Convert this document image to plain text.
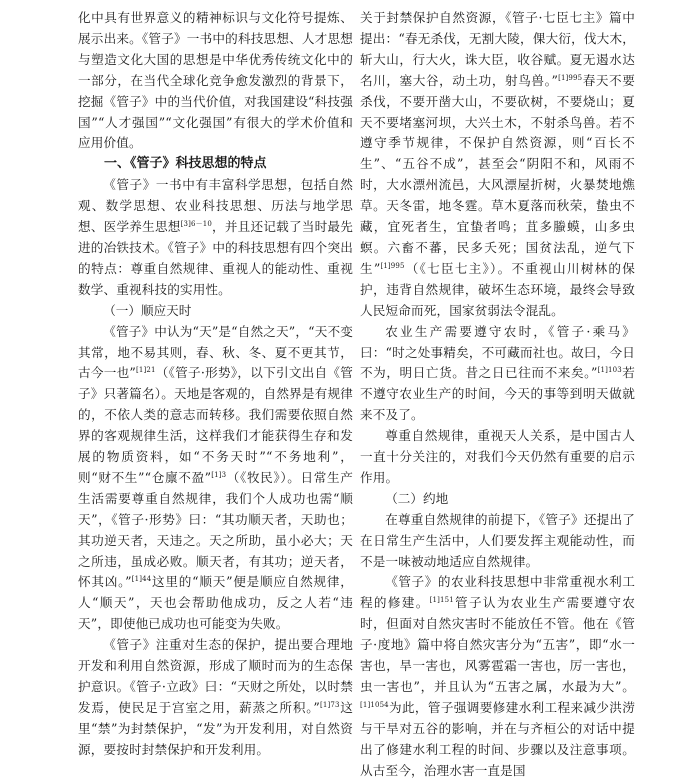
化中具有世界意义的精神标识与文化符号提炼、展示出来。《管子》一书中的科技思想、人才思想与塑造文化大国的思想是中华优秀传统文化中的一部分，在当代全球化竞争愈发激烈的背景下，挖掘《管子》中的当代价值，对我国建设“科技强国”“人才强国”“文化强国”有很大的学术价值和应用价值。

一、《管子》科技思想的特点

《管子》一书中有丰富科学思想，包括自然观、数学思想、农业科技思想、历法与地学思想、医学养生思想$^{[3]6-10}$，并且还记载了当时最先进的冶铁技术。《管子》中的科技思想有四个突出的特点：尊重自然规律、重视人的能动性、重视数学、重视科技的实用性。

（一）顺应天时

《管子》中认为“天”是“自然之天”，“天不变其常，地不易其则，春、秋、冬、夏不更其节，古今一也”$^{[1]21}$（《管子·形势》，以下引文出自《管子》只著篇名）。天地是客观的，自然界是有规律的，不依人类的意志而转移。我们需要依照自然界的客观规律生活，这样我们才能获得生存和发展的物质资料，如“不务天时”“不务地利”，则“财不生”“仓廪不盈”$^{[1]3}$（《牧民》）。日常生产生活需要尊重自然规律，我们个人成功也需“顺天”，《管子·形势》曰：“其功顺天者，天助也；其功逆天者，天违之。天之所助，虽小必大；天之所违，虽成必败。顺天者，有其功；逆天者，怀其凶。”$^{[1]44}$这里的“顺天”便是顺应自然规律，人“顺天”，天也会帮助他成功，反之人若“违天”，即使他已成功也可能变为失败。

《管子》注重对生态的保护，提出要合理地开发和利用自然资源，形成了顺时而为的生态保护意识。《管子·立政》曰：“天财之所处，以时禁发焉，使民足于宫室之用，薪蒸之所积。”$^{[1]73}$这里“禁”为封禁保护，“发”为开发利用，对自然资源，要按时封禁保护和开发利用。

关于封禁保护自然资源，《管子·七臣七主》篇中提出：“春无杀伐，无割大陵，倮大衍，伐大木，斩大山，行大火，诛大臣，收谷赋。夏无遏水达名川，塞大谷，动土功，射鸟兽。”$^{[1]995}$春天不要杀伐，不要开凿大山，不要砍树，不要烧山；夏天不要堵塞河坝，大兴土木，不射杀鸟兽。若不遵守季节规律，不保护自然资源，则“百长不生”、“五谷不成”，甚至会“阴阳不和，风雨不时，大水漂州流邑，大风漂屋折树，火暴焚地燋草。天冬雷，地冬霆。草木夏落而秋荣，蛰虫不藏，宜死者生，宜蛰者鸣；苴多螣蟆，山多虫螟。六畜不蕃，民多夭死；国贫法乱，逆气下生”$^{[1]995}$（《七臣七主》）。不重视山川树林的保护，违背自然规律，破坏生态环境，最终会导致人民短命而死，国家贫弱法令混乱。

农业生产需要遵守农时，《管子·乘马》曰：“时之处事精矣，不可藏而社也。故曰，今日不为，明日亡货。昔之日已往而不来矣。”$^{[1]103}$若不遵守农业生产的时间，今天的事等到明天做就来不及了。

尊重自然规律，重视天人关系，是中国古人一直十分关注的，对我们今天仍然有重要的启示作用。

（二）约地

在尊重自然规律的前提下，《管子》还提出了在日常生产生活中，人们要发挥主观能动性，而不是一味被动地适应自然规律。

《管子》的农业科技思想中非常重视水利工程的修建。$^{[1]151}$管子认为农业生产需要遵守农时，但面对自然灾害时不能放任不管。他在《管子·度地》篇中将自然灾害分为“五害”，即“水一害也，旱一害也，风雾雹霜一害也，厉一害也，虫一害也”，并且认为“五害之属，水最为大”。$^{[1]1054}$为此，管子强调要修建水利工程来减少洪涝与干旱对五谷的影响，并在与齐桓公的对话中提出了修建水利工程的时间、步骤以及注意事项。从古至今，治理水害一直是国
